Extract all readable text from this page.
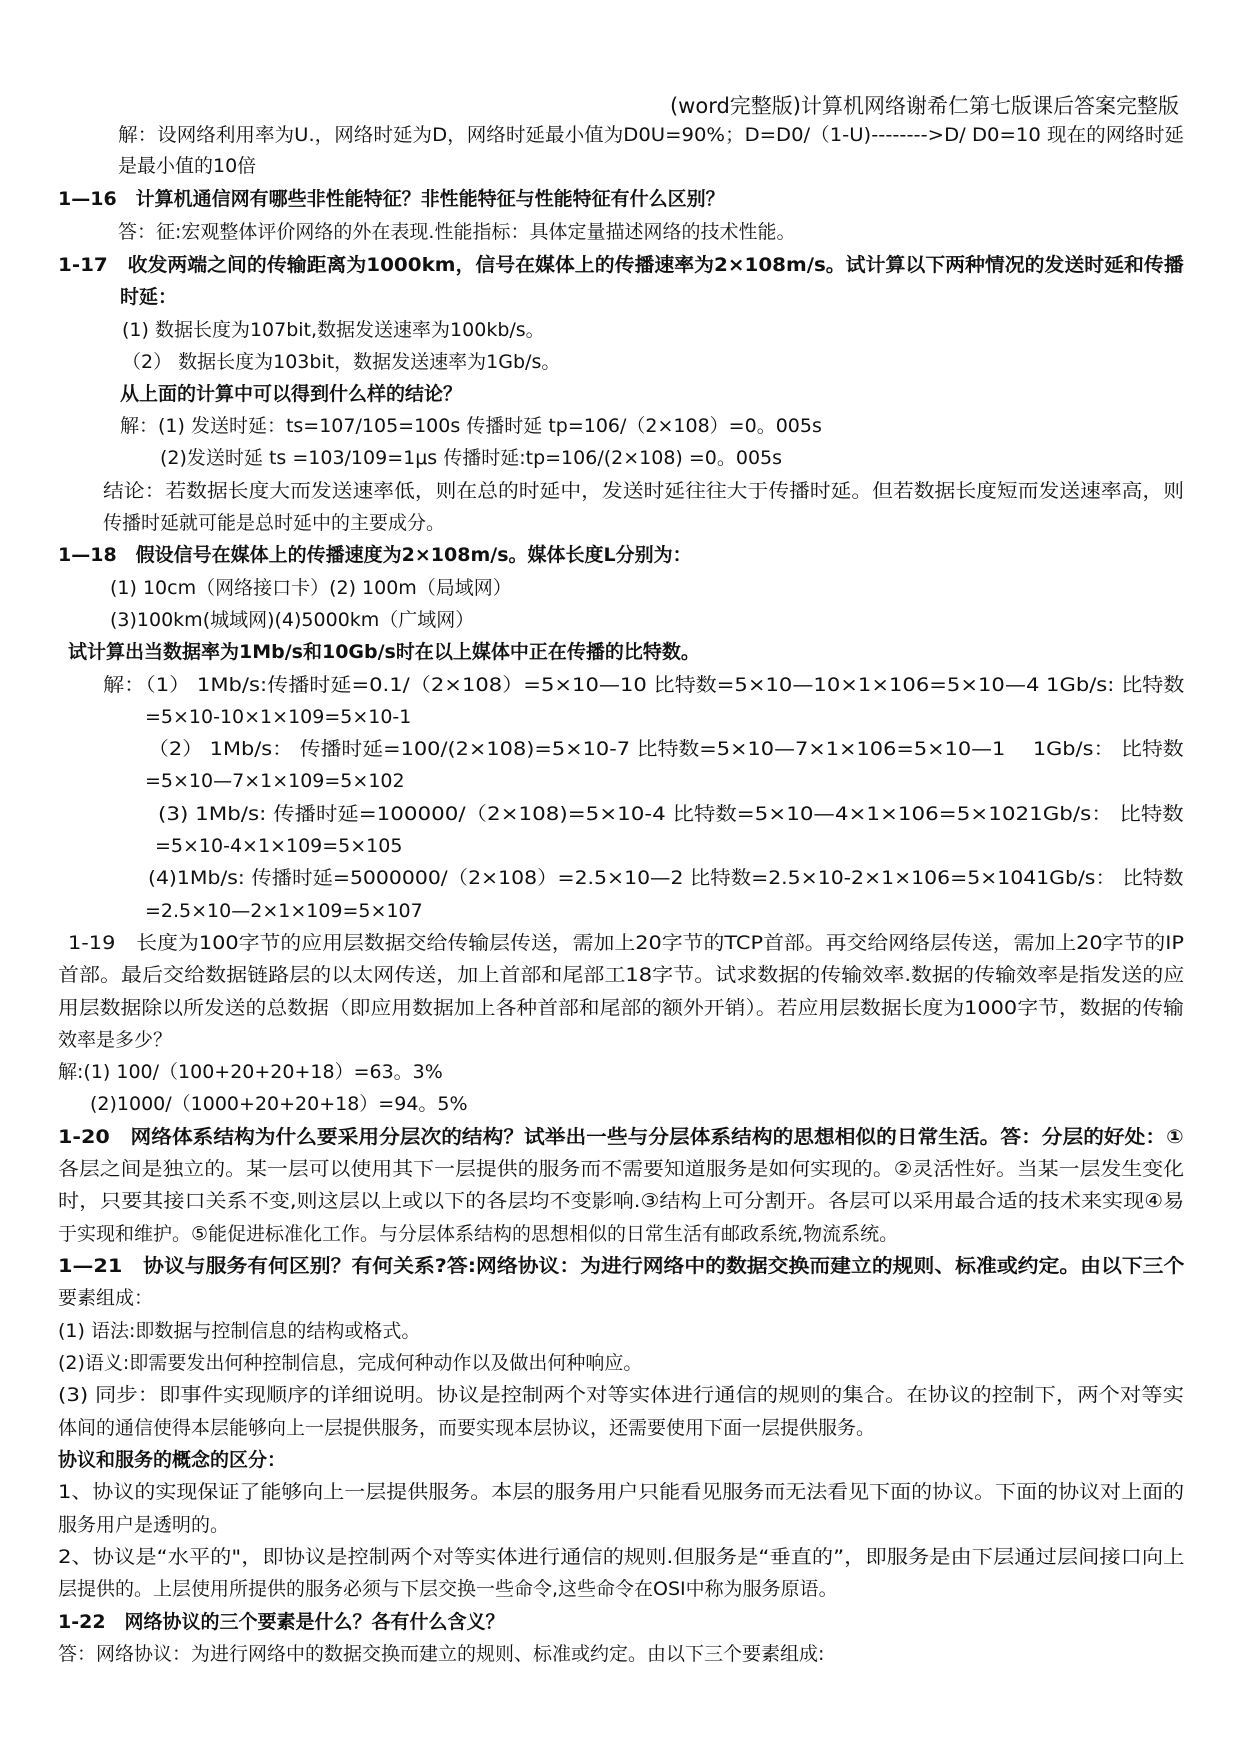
(word完整版)计算机网络谢希仁第七版课后答案完整版
解：设网络利用率为U.，网络时延为D，网络时延最小值为D0U=90%；D=D0/（1-U)-------->D/ D0=10 现在的网络时延
是最小值的10倍
1—16　计算机通信网有哪些非性能特征？非性能特征与性能特征有什么区别？
答：征:宏观整体评价网络的外在表现.性能指标：具体定量描述网络的技术性能。
1-17　收发两端之间的传输距离为1000km，信号在媒体上的传播速率为2×108m/s。试计算以下两种情况的发送时延和传播
时延：
(1) 数据长度为107bit,数据发送速率为100kb/s。
（2） 数据长度为103bit，数据发送速率为1Gb/s。
从上面的计算中可以得到什么样的结论？
解：(1) 发送时延：ts=107/105=100s 传播时延 tp=106/（2×108）=0。005s
(2)发送时延 ts =103/109=1μs 传播时延:tp=106/(2×108) =0。005s
结论：若数据长度大而发送速率低，则在总的时延中，发送时延往往大于传播时延。但若数据长度短而发送速率高，则
传播时延就可能是总时延中的主要成分。
1—18　假设信号在媒体上的传播速度为2×108m/s。媒体长度L分别为：
(1) 10cm（网络接口卡）(2) 100m（局域网）
(3)100km(城域网)(4)5000km（广域网）
试计算出当数据率为1Mb/s和10Gb/s时在以上媒体中正在传播的比特数。
解：（1） 1Mb/s:传播时延=0.1/（2×108）=5×10—10 比特数=5×10—10×1×106=5×10—4 1Gb/s: 比特数
=5×10-10×1×109=5×10-1
（2） 1Mb/s： 传播时延=100/(2×108)=5×10-7 比特数=5×10—7×1×106=5×10—1　 1Gb/s： 比特数
=5×10—7×1×109=5×102
(3) 1Mb/s: 传播时延=100000/（2×108)=5×10-4 比特数=5×10—4×1×106=5×1021Gb/s： 比特数
=5×10-4×1×109=5×105
(4)1Mb/s: 传播时延=5000000/（2×108）=2.5×10—2 比特数=2.5×10-2×1×106=5×1041Gb/s： 比特数
=2.5×10—2×1×109=5×107
1-19　长度为100字节的应用层数据交给传输层传送，需加上20字节的TCP首部。再交给网络层传送，需加上20字节的IP
首部。最后交给数据链路层的以太网传送，加上首部和尾部工18字节。试求数据的传输效率.数据的传输效率是指发送的应
用层数据除以所发送的总数据（即应用数据加上各种首部和尾部的额外开销）。若应用层数据长度为1000字节，数据的传输
效率是多少？
解:(1) 100/（100+20+20+18）=63。3%
(2)1000/（1000+20+20+18）=94。5%
1-20　网络体系结构为什么要采用分层次的结构？试举出一些与分层体系结构的思想相似的日常生活。答：分层的好处：①
各层之间是独立的。某一层可以使用其下一层提供的服务而不需要知道服务是如何实现的。②灵活性好。当某一层发生变化
时，只要其接口关系不变,则这层以上或以下的各层均不变影响.③结构上可分割开。各层可以采用最合适的技术来实现④易
于实现和维护。⑤能促进标准化工作。与分层体系结构的思想相似的日常生活有邮政系统,物流系统。
1—21　协议与服务有何区别？有何关系?答:网络协议：为进行网络中的数据交换而建立的规则、标准或约定。由以下三个
要素组成：
(1) 语法:即数据与控制信息的结构或格式。
(2)语义:即需要发出何种控制信息，完成何种动作以及做出何种响应。
(3) 同步：即事件实现顺序的详细说明。协议是控制两个对等实体进行通信的规则的集合。在协议的控制下，两个对等实
体间的通信使得本层能够向上一层提供服务，而要实现本层协议，还需要使用下面一层提供服务。
协议和服务的概念的区分：
1、协议的实现保证了能够向上一层提供服务。本层的服务用户只能看见服务而无法看见下面的协议。下面的协议对上面的
服务用户是透明的。
2、协议是“水平的"，即协议是控制两个对等实体进行通信的规则.但服务是“垂直的”，即服务是由下层通过层间接口向上
层提供的。上层使用所提供的服务必须与下层交换一些命令,这些命令在OSI中称为服务原语。
1-22　网络协议的三个要素是什么？各有什么含义？
答：网络协议：为进行网络中的数据交换而建立的规则、标准或约定。由以下三个要素组成:
